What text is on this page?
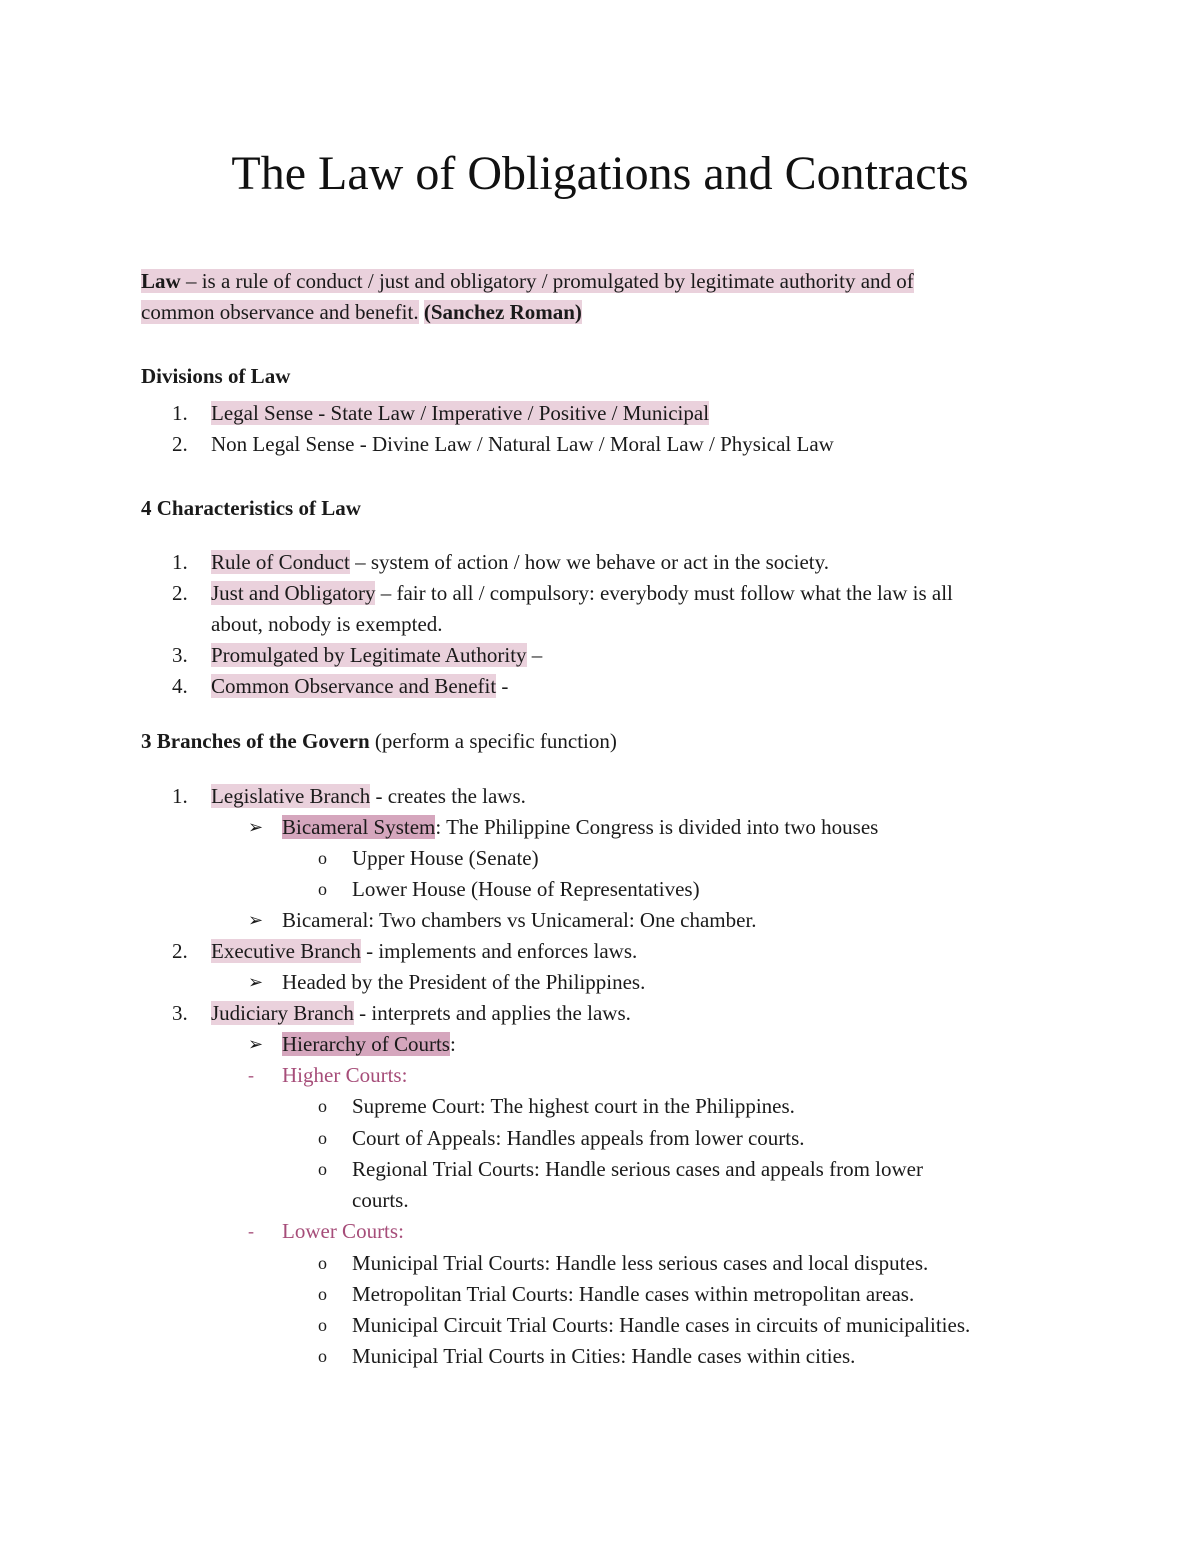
The Law of Obligations and Contracts
Law – is a rule of conduct / just and obligatory / promulgated by legitimate authority and of
common observance and benefit. (Sanchez Roman)
Divisions of Law
1. Legal Sense - State Law / Imperative / Positive / Municipal
2. Non Legal Sense - Divine Law / Natural Law / Moral Law / Physical Law
4 Characteristics of Law
1. Rule of Conduct – system of action / how we behave or act in the society.
2. Just and Obligatory – fair to all / compulsory: everybody must follow what the law is all
about, nobody is exempted.
3. Promulgated by Legitimate Authority –
4. Common Observance and Benefit -
3 Branches of the Govern (perform a specific function)
1. Legislative Branch - creates the laws.
➢ Bicameral System: The Philippine Congress is divided into two houses
o Upper House (Senate)
o Lower House (House of Representatives)
➢ Bicameral: Two chambers vs Unicameral: One chamber.
2. Executive Branch - implements and enforces laws.
➢ Headed by the President of the Philippines.
3. Judiciary Branch - interprets and applies the laws.
➢ Hierarchy of Courts:
- Higher Courts:
o Supreme Court: The highest court in the Philippines.
o Court of Appeals: Handles appeals from lower courts.
o Regional Trial Courts: Handle serious cases and appeals from lower
courts.
- Lower Courts:
o Municipal Trial Courts: Handle less serious cases and local disputes.
o Metropolitan Trial Courts: Handle cases within metropolitan areas.
o Municipal Circuit Trial Courts: Handle cases in circuits of municipalities.
o Municipal Trial Courts in Cities: Handle cases within cities.
